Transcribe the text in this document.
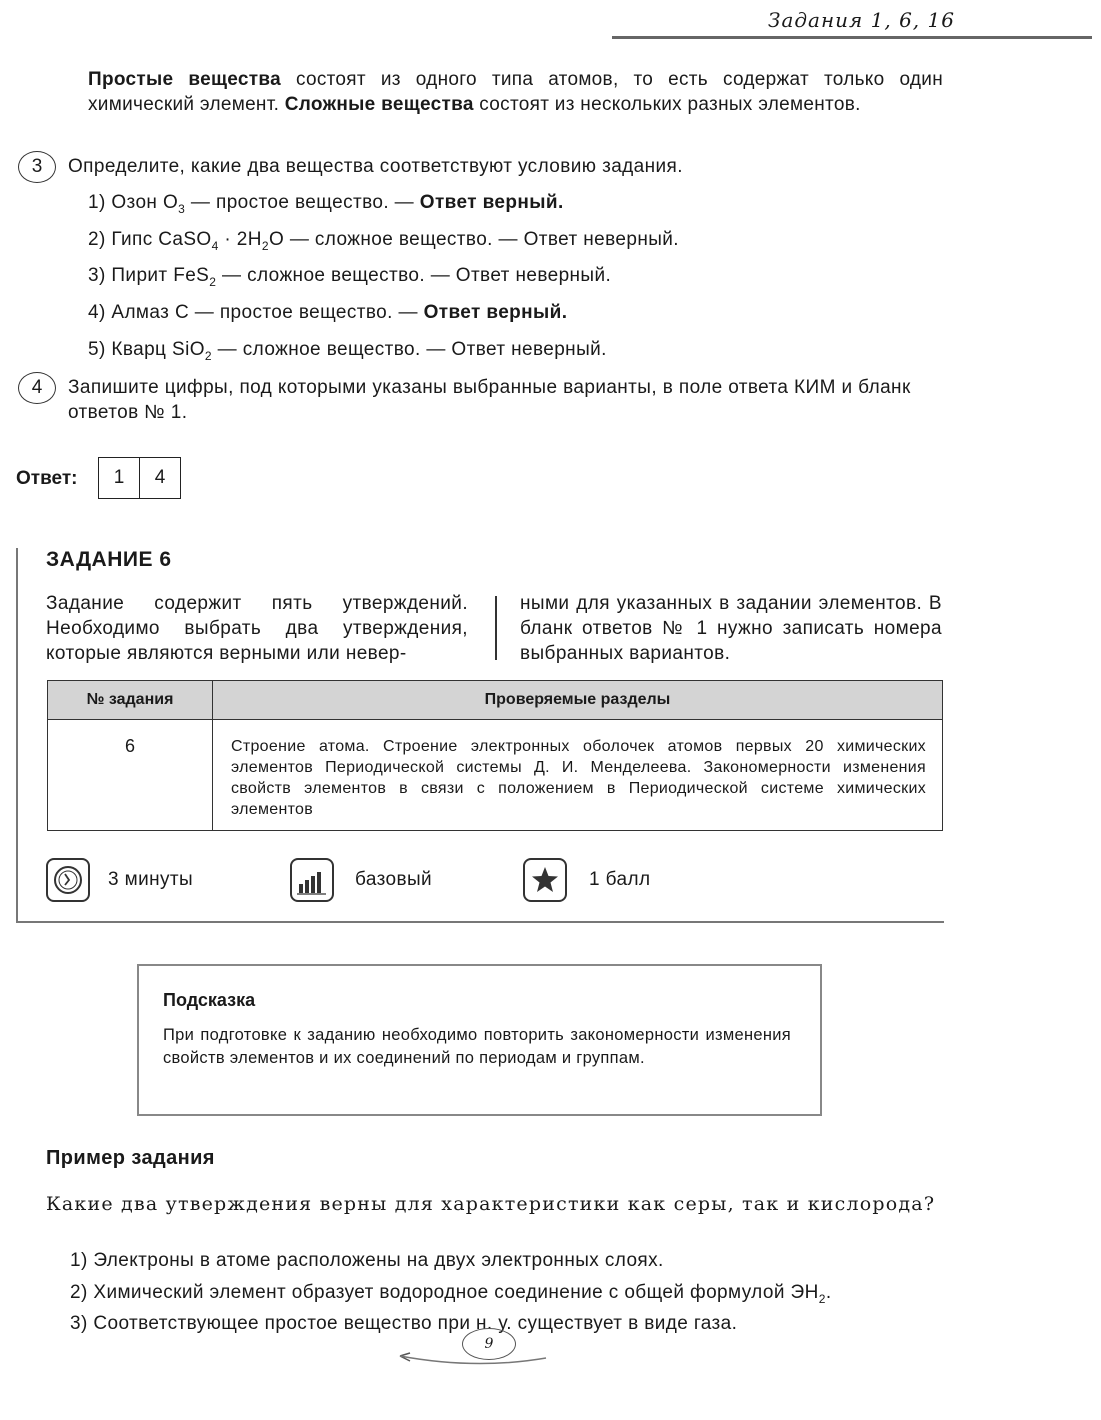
Задания 1, 6, 16
Простые вещества состоят из одного типа атомов, то есть содержат только один химический элемент. Сложные вещества состоят из нескольких разных элементов.
3	Определите, какие два вещества соответствуют условию задания.
1) Озон $O_3$ — простое вещество. — Ответ верный.
2) Гипс CaSO$_4$ · $2H_2O$ — сложное вещество. — Ответ неверный.
3) Пирит FeS$_2$ — сложное вещество. — Ответ неверный.
4) Алмаз C — простое вещество. — Ответ верный.
5) Кварц SiO$_2$ — сложное вещество. — Ответ неверный.
4	Запишите цифры, под которыми указаны выбранные варианты, в поле ответа КИМ и бланк ответов № 1.
Ответ:	1	4
ЗАДАНИЕ 6
Задание содержит пять утверждений. Необходимо выбрать два утверждения, которые являются верными или невер-
ными для указанных в задании элементов. В бланк ответов № 1 нужно записать номера выбранных вариантов.
№ задания	Проверяемые разделы
6	Строение атома. Строение электронных оболочек атомов первых 20 химических элементов Периодической системы Д. И. Менделеева. Закономерности изменения свойств элементов в связи с положением в Периодической системе химических элементов
3 минуты	базовый	1 балл
Подсказка
При подготовке к заданию необходимо повторить закономерности изменения свойств элементов и их соединений по периодам и группам.
Пример задания
Какие два утверждения верны для характеристики как серы, так и кислорода?
1) Электроны в атоме расположены на двух электронных слоях.
2) Химический элемент образует водородное соединение с общей формулой $ЭН_2$.
3) Соответствующее простое вещество при н. у. существует в виде газа.
9
